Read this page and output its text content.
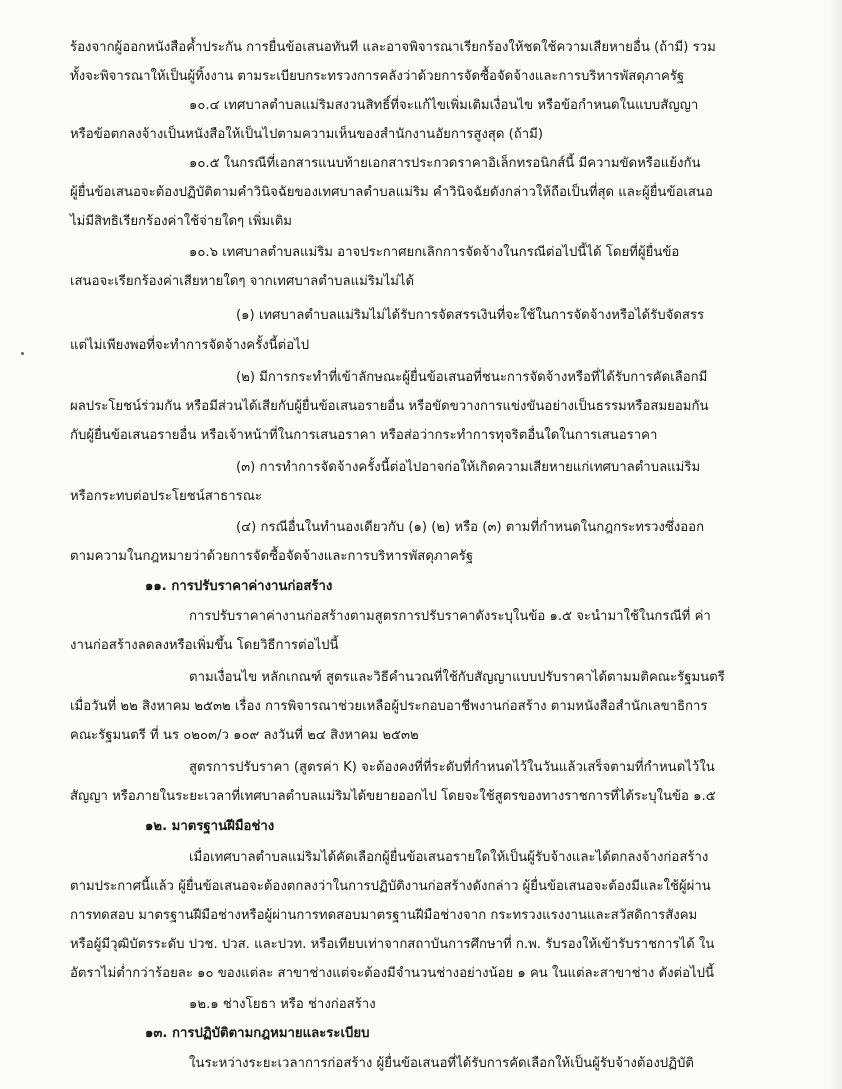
ร้องจากผู้ออกหนังสือค้ำประกัน การยื่นข้อเสนอทันที และอาจพิจารณาเรียกร้องให้ชดใช้ความเสียหายอื่น (ถ้ามี) รวม
ทั้งจะพิจารณาให้เป็นผู้ทิ้งงาน ตามระเบียบกระทรวงการคลังว่าด้วยการจัดซื้อจัดจ้างและการบริหารพัสดุภาครัฐ
๑๐.๔ เทศบาลตำบลแม่ริมสงวนสิทธิ์ที่จะแก้ไขเพิ่มเติมเงื่อนไข หรือข้อกำหนดในแบบสัญญา
หรือข้อตกลงจ้างเป็นหนังสือให้เป็นไปตามความเห็นของสำนักงานอัยการสูงสุด (ถ้ามี)
๑๐.๕ ในกรณีที่เอกสารแนบท้ายเอกสารประกวดราคาอิเล็กทรอนิกส์นี้ มีความขัดหรือแย้งกัน
ผู้ยื่นข้อเสนอจะต้องปฏิบัติตามคำวินิจฉัยของเทศบาลตำบลแม่ริม คำวินิจฉัยดังกล่าวให้ถือเป็นที่สุด และผู้ยื่นข้อเสนอ
ไม่มีสิทธิเรียกร้องค่าใช้จ่ายใดๆ เพิ่มเติม
๑๐.๖ เทศบาลตำบลแม่ริม อาจประกาศยกเลิกการจัดจ้างในกรณีต่อไปนี้ได้ โดยที่ผู้ยื่นข้อ
เสนอจะเรียกร้องค่าเสียหายใดๆ จากเทศบาลตำบลแม่ริมไม่ได้
(๑) เทศบาลตำบลแม่ริมไม่ได้รับการจัดสรรเงินที่จะใช้ในการจัดจ้างหรือได้รับจัดสรร
แต่ไม่เพียงพอที่จะทำการจัดจ้างครั้งนี้ต่อไป
(๒) มีการกระทำที่เข้าลักษณะผู้ยื่นข้อเสนอที่ชนะการจัดจ้างหรือที่ได้รับการคัดเลือกมี
ผลประโยชน์ร่วมกัน หรือมีส่วนได้เสียกับผู้ยื่นข้อเสนอรายอื่น หรือขัดขวางการแข่งขันอย่างเป็นธรรมหรือสมยอมกัน
กับผู้ยื่นข้อเสนอรายอื่น หรือเจ้าหน้าที่ในการเสนอราคา หรือส่อว่ากระทำการทุจริตอื่นใดในการเสนอราคา
(๓) การทำการจัดจ้างครั้งนี้ต่อไปอาจก่อให้เกิดความเสียหายแก่เทศบาลตำบลแม่ริม
หรือกระทบต่อประโยชน์สาธารณะ
(๔) กรณีอื่นในทำนองเดียวกับ (๑) (๒) หรือ (๓) ตามที่กำหนดในกฎกระทรวงซึ่งออก
ตามความในกฎหมายว่าด้วยการจัดซื้อจัดจ้างและการบริหารพัสดุภาครัฐ
๑๑. การปรับราคาค่างานก่อสร้าง
การปรับราคาค่างานก่อสร้างตามสูตรการปรับราคาดังระบุในข้อ ๑.๕ จะนำมาใช้ในกรณีที่ ค่า
งานก่อสร้างลดลงหรือเพิ่มขึ้น โดยวิธีการต่อไปนี้
ตามเงื่อนไข หลักเกณฑ์ สูตรและวิธีคำนวณที่ใช้กับสัญญาแบบปรับราคาได้ตามมติคณะรัฐมนตรี
เมื่อวันที่ ๒๒ สิงหาคม ๒๕๓๒ เรื่อง การพิจารณาช่วยเหลือผู้ประกอบอาชีพงานก่อสร้าง ตามหนังสือสำนักเลขาธิการ
คณะรัฐมนตรี ที่ นร ๐๒๐๓/ว ๑๐๙ ลงวันที่ ๒๔ สิงหาคม ๒๕๓๒
สูตรการปรับราคา (สูตรค่า K) จะต้องคงที่ที่ระดับที่กำหนดไว้ในวันแล้วเสร็จตามที่กำหนดไว้ใน
สัญญา หรือภายในระยะเวลาที่เทศบาลตำบลแม่ริมได้ขยายออกไป โดยจะใช้สูตรของทางราชการที่ได้ระบุในข้อ ๑.๕
๑๒. มาตรฐานฝีมือช่าง
เมื่อเทศบาลตำบลแม่ริมได้คัดเลือกผู้ยื่นข้อเสนอรายใดให้เป็นผู้รับจ้างและได้ตกลงจ้างก่อสร้าง
ตามประกาศนี้แล้ว ผู้ยื่นข้อเสนอจะต้องตกลงว่าในการปฏิบัติงานก่อสร้างดังกล่าว ผู้ยื่นข้อเสนอจะต้องมีและใช้ผู้ผ่าน
การทดสอบ มาตรฐานฝีมือช่างหรือผู้ผ่านการทดสอบมาตรฐานฝีมือช่างจาก กระทรวงแรงงานและสวัสดิการสังคม
หรือผู้มีวุฒิบัตรระดับ ปวช. ปวส. และปวท. หรือเทียบเท่าจากสถาบันการศึกษาที่ ก.พ. รับรองให้เข้ารับราชการได้ ใน
อัตราไม่ต่ำกว่าร้อยละ ๑๐ ของแต่ละ สาขาช่างแต่จะต้องมีจำนวนช่างอย่างน้อย ๑ คน ในแต่ละสาขาช่าง ดังต่อไปนี้
๑๒.๑ ช่างโยธา หรือ ช่างก่อสร้าง
๑๓. การปฏิบัติตามกฎหมายและระเบียบ
ในระหว่างระยะเวลาการก่อสร้าง ผู้ยื่นข้อเสนอที่ได้รับการคัดเลือกให้เป็นผู้รับจ้างต้องปฏิบัติ
